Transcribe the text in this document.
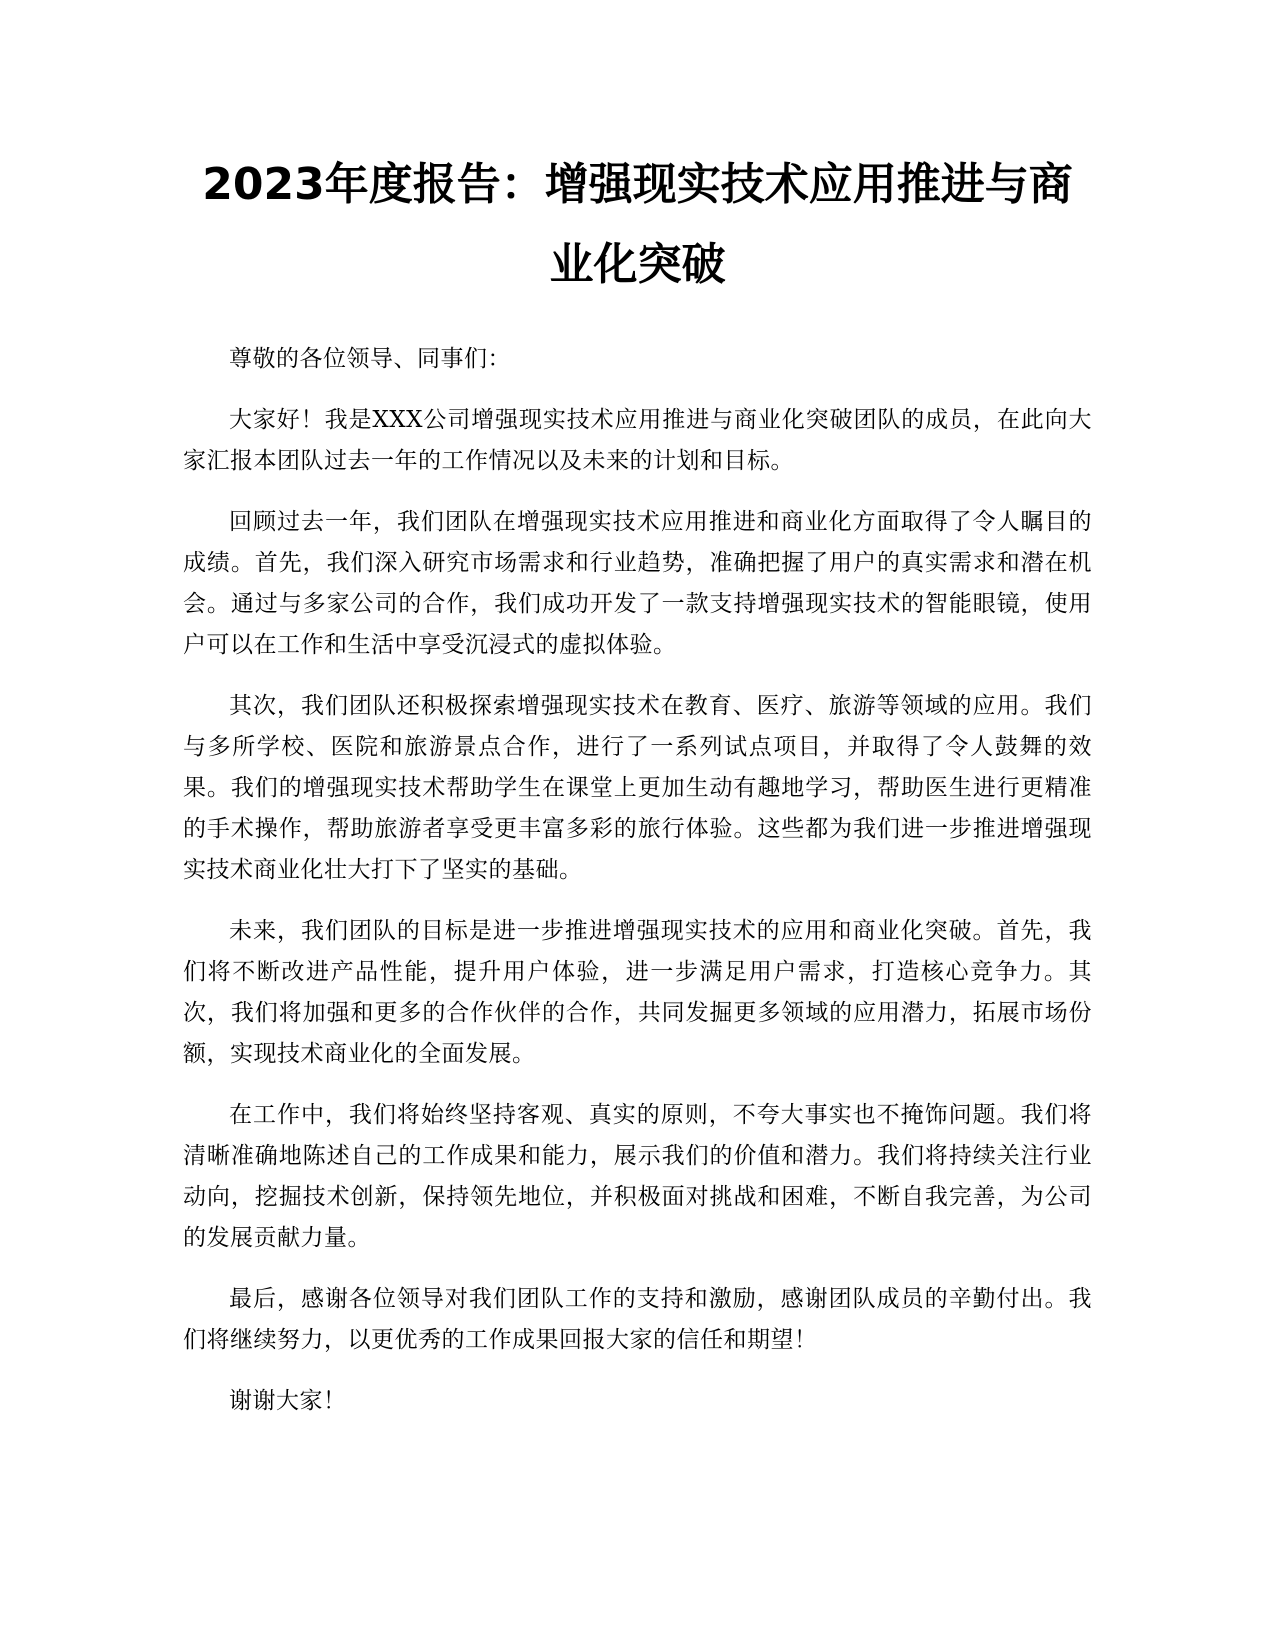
2023年度报告：增强现实技术应用推进与商业化突破

尊敬的各位领导、同事们：

大家好！我是XXX公司增强现实技术应用推进与商业化突破团队的成员，在此向大家汇报本团队过去一年的工作情况以及未来的计划和目标。

回顾过去一年，我们团队在增强现实技术应用推进和商业化方面取得了令人瞩目的成绩。首先，我们深入研究市场需求和行业趋势，准确把握了用户的真实需求和潜在机会。通过与多家公司的合作，我们成功开发了一款支持增强现实技术的智能眼镜，使用户可以在工作和生活中享受沉浸式的虚拟体验。

其次，我们团队还积极探索增强现实技术在教育、医疗、旅游等领域的应用。我们与多所学校、医院和旅游景点合作，进行了一系列试点项目，并取得了令人鼓舞的效果。我们的增强现实技术帮助学生在课堂上更加生动有趣地学习，帮助医生进行更精准的手术操作，帮助旅游者享受更丰富多彩的旅行体验。这些都为我们进一步推进增强现实技术商业化壮大打下了坚实的基础。

未来，我们团队的目标是进一步推进增强现实技术的应用和商业化突破。首先，我们将不断改进产品性能，提升用户体验，进一步满足用户需求，打造核心竞争力。其次，我们将加强和更多的合作伙伴的合作，共同发掘更多领域的应用潜力，拓展市场份额，实现技术商业化的全面发展。

在工作中，我们将始终坚持客观、真实的原则，不夸大事实也不掩饰问题。我们将清晰准确地陈述自己的工作成果和能力，展示我们的价值和潜力。我们将持续关注行业动向，挖掘技术创新，保持领先地位，并积极面对挑战和困难，不断自我完善，为公司的发展贡献力量。

最后，感谢各位领导对我们团队工作的支持和激励，感谢团队成员的辛勤付出。我们将继续努力，以更优秀的工作成果回报大家的信任和期望！

谢谢大家！
